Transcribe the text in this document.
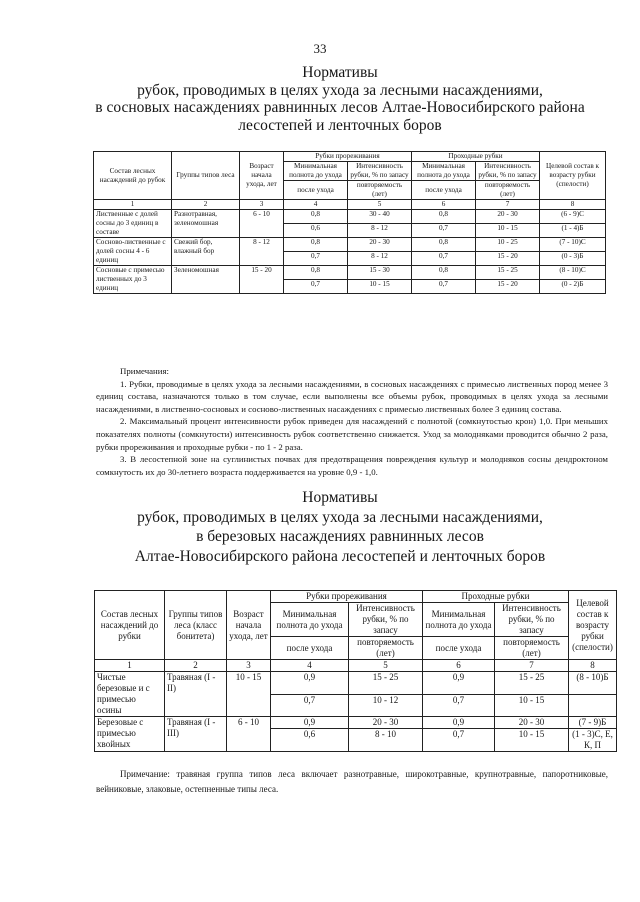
33
Нормативы
рубок, проводимых в целях ухода за лесными насаждениями,
в сосновых насаждениях равнинных лесов Алтае-Новосибирского района
лесостепей и ленточных боров
Состав лесных насаждений до рубок	Группы типов леса	Возраст начала ухода, лет	Рубки прореживания		Проходные рубки		Целевой состав к возрасту рубки (спелости)
			Минимальная полнота до ухода	Интенсивность рубки, % по запасу	Минимальная полнота до ухода	Интенсивность рубки, % по запасу	
			после ухода	повторяемость (лет)	после ухода	повторяемость (лет)	
1	2	3	4	5	6	7	8
Лиственные с долей сосны до 3 единиц в составе	Разнотравная, зеленомошная	6 - 10	0,8	30 - 40	0,8	20 - 30	(6 - 9)С
			0,6	8 - 12	0,7	10 - 15	(1 - 4)Б
Сосново-лиственные с долей сосны 4 - 6 единиц	Свежий бор, влажный бор	8 - 12	0,8	20 - 30	0,8	10 - 25	(7 - 10)С
			0,7	8 - 12	0,7	15 - 20	(0 - 3)Б
Сосновые с примесью лиственных до 3 единиц	Зеленомошная	15 - 20	0,8	15 - 30	0,8	15 - 25	(8 - 10)С
			0,7	10 - 15	0,7	15 - 20	(0 - 2)Б

Примечания:

1. Рубки, проводимые в целях ухода за лесными насаждениями, в сосновых насаждениях с примесью лиственных пород менее 3 единиц состава, назначаются только в том случае, если выполнены все объемы рубок, проводимых в целях ухода за лесными насаждениями, в лиственно-сосновых и сосново-лиственных насаждениях с примесью лиственных более 3 единиц состава.

2. Максимальный процент интенсивности рубок приведен для насаждений с полнотой (сомкнутостью крон) 1,0. При меньших показателях полноты (сомкнутости) интенсивность рубок соответственно снижается. Уход за молодняками проводится обычно 2 раза, рубки прореживания и проходные рубки - по 1 - 2 раза.

3. В лесостепной зоне на суглинистых почвах для предотвращения повреждения культур и молодняков сосны дендроктоном сомкнутость их до 30-летнего возраста поддерживается на уровне 0,9 - 1,0.

Нормативы
рубок, проводимых в целях ухода за лесными насаждениями,
в березовых насаждениях равнинных лесов
Алтае-Новосибирского района лесостепей и ленточных боров
Состав лесных насаждений до рубки	Группы типов леса (класс бонитета)	Возраст начала ухода, лет	Рубки прореживания		Проходные рубки		Целевой состав к возрасту рубки (спелости)
			Минимальная полнота до ухода	Интенсивность рубки, % по запасу	Минимальная полнота до ухода	Интенсивность рубки, % по запасу	
			после ухода	повторяемость (лет)	после ухода	повторяемость (лет)	
1	2	3	4	5	6	7	8
Чистые березовые и с примесью осины	Травяная (I - II)	10 - 15	0,9	15 - 25	0,9	15 - 25	(8 - 10)Б
			0,7	10 - 12	0,7	10 - 15	
Березовые с примесью хвойных	Травяная (I - III)	6 - 10	0,9	20 - 30	0,9	20 - 30	(7 - 9)Б
			0,6	8 - 10	0,7	10 - 15	(1 - 3)С, Е, К, П

Примечание: травяная группа типов леса включает разнотравные, широкотравные, крупнотравные, папоротниковые, вейниковые, злаковые, остепненные типы леса.
